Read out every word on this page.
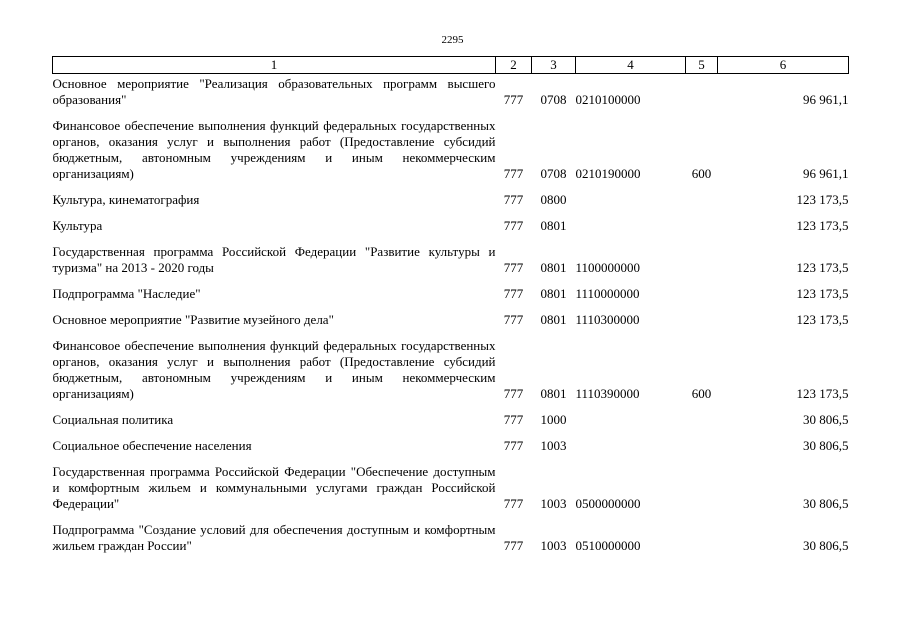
2295
1	2	3	4	5	6
Основное мероприятие "Реализация образовательных программ высшего образования"	777	0708	0210100000		96 961,1
Финансовое обеспечение выполнения функций федеральных государственных органов, оказания услуг и выполнения работ (Предоставление субсидий бюджетным, автономным учреждениям и иным некоммерческим организациям)	777	0708	0210190000	600	96 961,1
Культура, кинематография	777	0800			123 173,5
Культура	777	0801			123 173,5
Государственная программа Российской Федерации "Развитие культуры и туризма" на 2013 - 2020 годы	777	0801	1100000000		123 173,5
Подпрограмма "Наследие"	777	0801	1110000000		123 173,5
Основное мероприятие "Развитие музейного дела"	777	0801	1110300000		123 173,5
Финансовое обеспечение выполнения функций федеральных государственных органов, оказания услуг и выполнения работ (Предоставление субсидий бюджетным, автономным учреждениям и иным некоммерческим организациям)	777	0801	1110390000	600	123 173,5
Социальная политика	777	1000			30 806,5
Социальное обеспечение населения	777	1003			30 806,5
Государственная программа Российской Федерации "Обеспечение доступным и комфортным жильем и коммунальными услугами граждан Российской Федерации"	777	1003	0500000000		30 806,5
Подпрограмма "Создание условий для обеспечения доступным и комфортным жильем граждан России"	777	1003	0510000000		30 806,5
